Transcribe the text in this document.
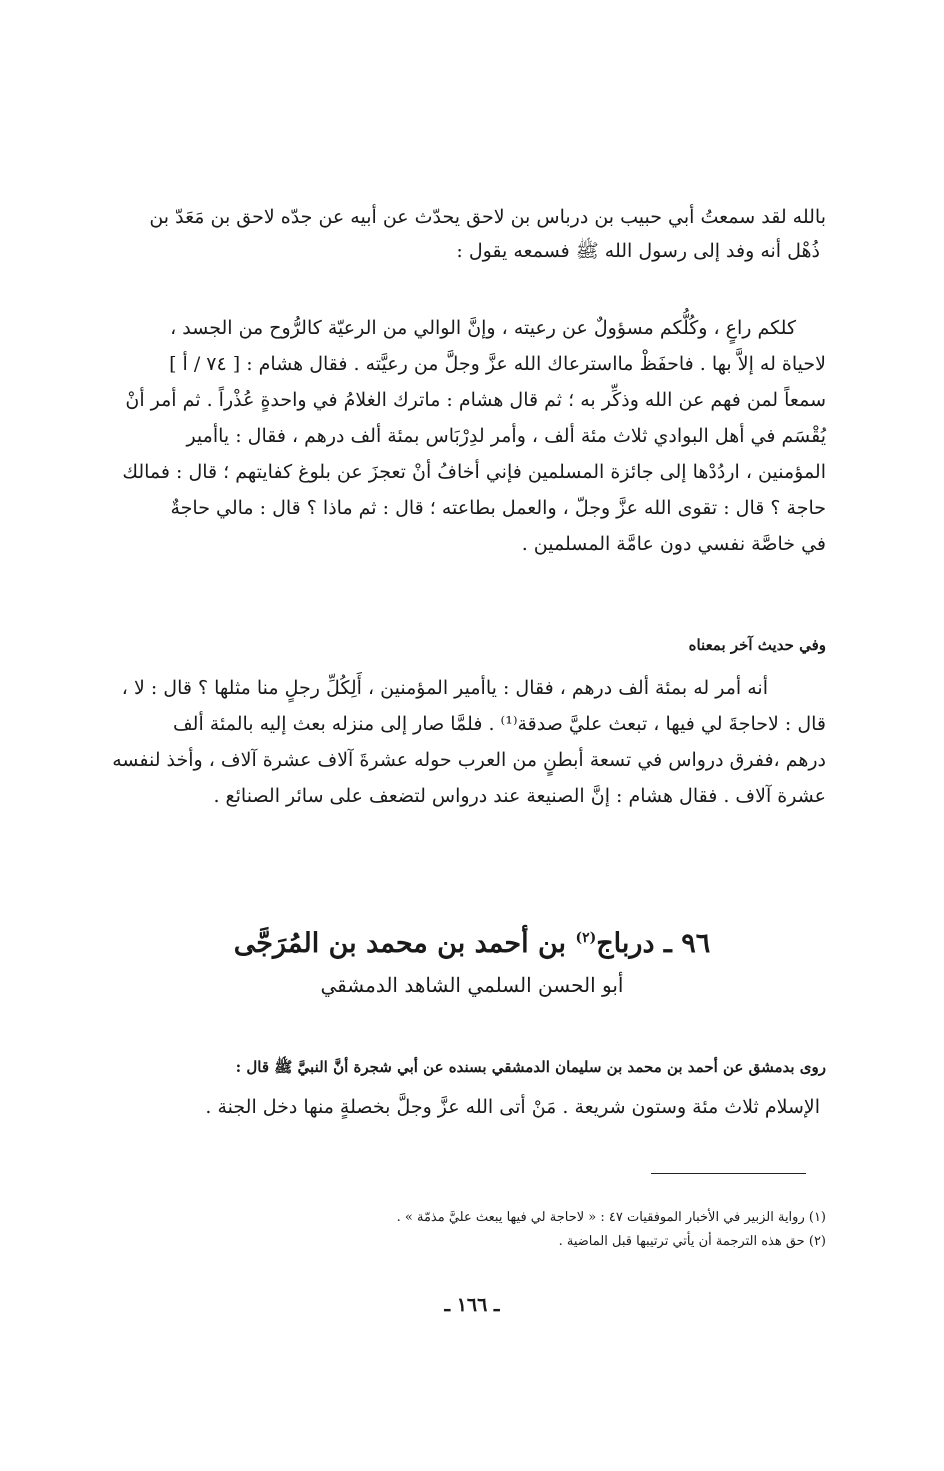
بالله لقد سمعتُ أبي حبيب بن درباس بن لاحق يحدّث عن أبيه عن جدّه لاحق بن مَعَدّ بن

ذُهْل أنه وفد إلى رسول الله ﷺ فسمعه يقول :

كلكم راعٍ ، وكُلُّكم مسؤولٌ عن رعيته ، وإنَّ الوالي من الرعيّة كالرُّوح من الجسد ،

لاحياة له إلاَّ بها . فاحفَظْ مااسترعاك الله عزَّ وجلَّ من رعيَّته . فقال هشام : [ ٧٤ / أ ]

سمعاً لمن فهم عن الله وذكِّر به ؛ ثم قال هشام : ماترك الغلامُ في واحدةٍ عُذْراً . ثم أمر أنْ

يُقْسَم في أهل البوادي ثلاث مئة ألف ، وأمر لدِرْبَاس بمئة ألف درهم ، فقال : ياأمير

المؤمنين ، اردُدْها إلى جائزة المسلمين فإني أخافُ أنْ تعجزَ عن بلوغ كفايتهم ؛ قال : فمالك

حاجة ؟ قال : تقوى الله عزَّ وجلّ ، والعمل بطاعته ؛ قال : ثم ماذا ؟ قال : مالي حاجةٌ

في خاصَّة نفسي دون عامَّة المسلمين .

وفي حديث آخر بمعناه

أنه أمر له بمئة ألف درهم ، فقال : ياأمير المؤمنين ، أَلِكُلِّ رجلٍ منا مثلها ؟ قال : لا ،

قال : لاحاجةَ لي فيها ، تبعث عليَّ صدقة⁽¹⁾ . فلمَّا صار إلى منزله بعث إليه بالمئة ألف

درهم ،ففرق درواس في تسعة أبطنٍ من العرب حوله عشرةَ آلاف عشرة آلاف ، وأخذ لنفسه

عشرة آلاف . فقال هشام : إنَّ الصنيعة عند درواس لتضعف على سائر الصنائع .

٩٦ ـ درباج$^{(٢)}$ بن أحمد بن محمد بن المُرَجَّى
أبو الحسن السلمي الشاهد الدمشقي

روى بدمشق عن أحمد بن محمد بن سليمان الدمشقي بسنده عن أبي شجرة أنَّ النبيَّ ﷺ قال :

الإسلام ثلاث مئة وستون شريعة . مَنْ أتى الله عزَّ وجلَّ بخصلةٍ منها دخل الجنة .

(١) رواية الزبير في الأخبار الموفقيات ٤٧ : « لاحاجة لي فيها يبعث عليَّ مذمّة » .

(٢) حق هذه الترجمة أن يأتي ترتيبها قبل الماضية .

ـ ١٦٦ ـ
